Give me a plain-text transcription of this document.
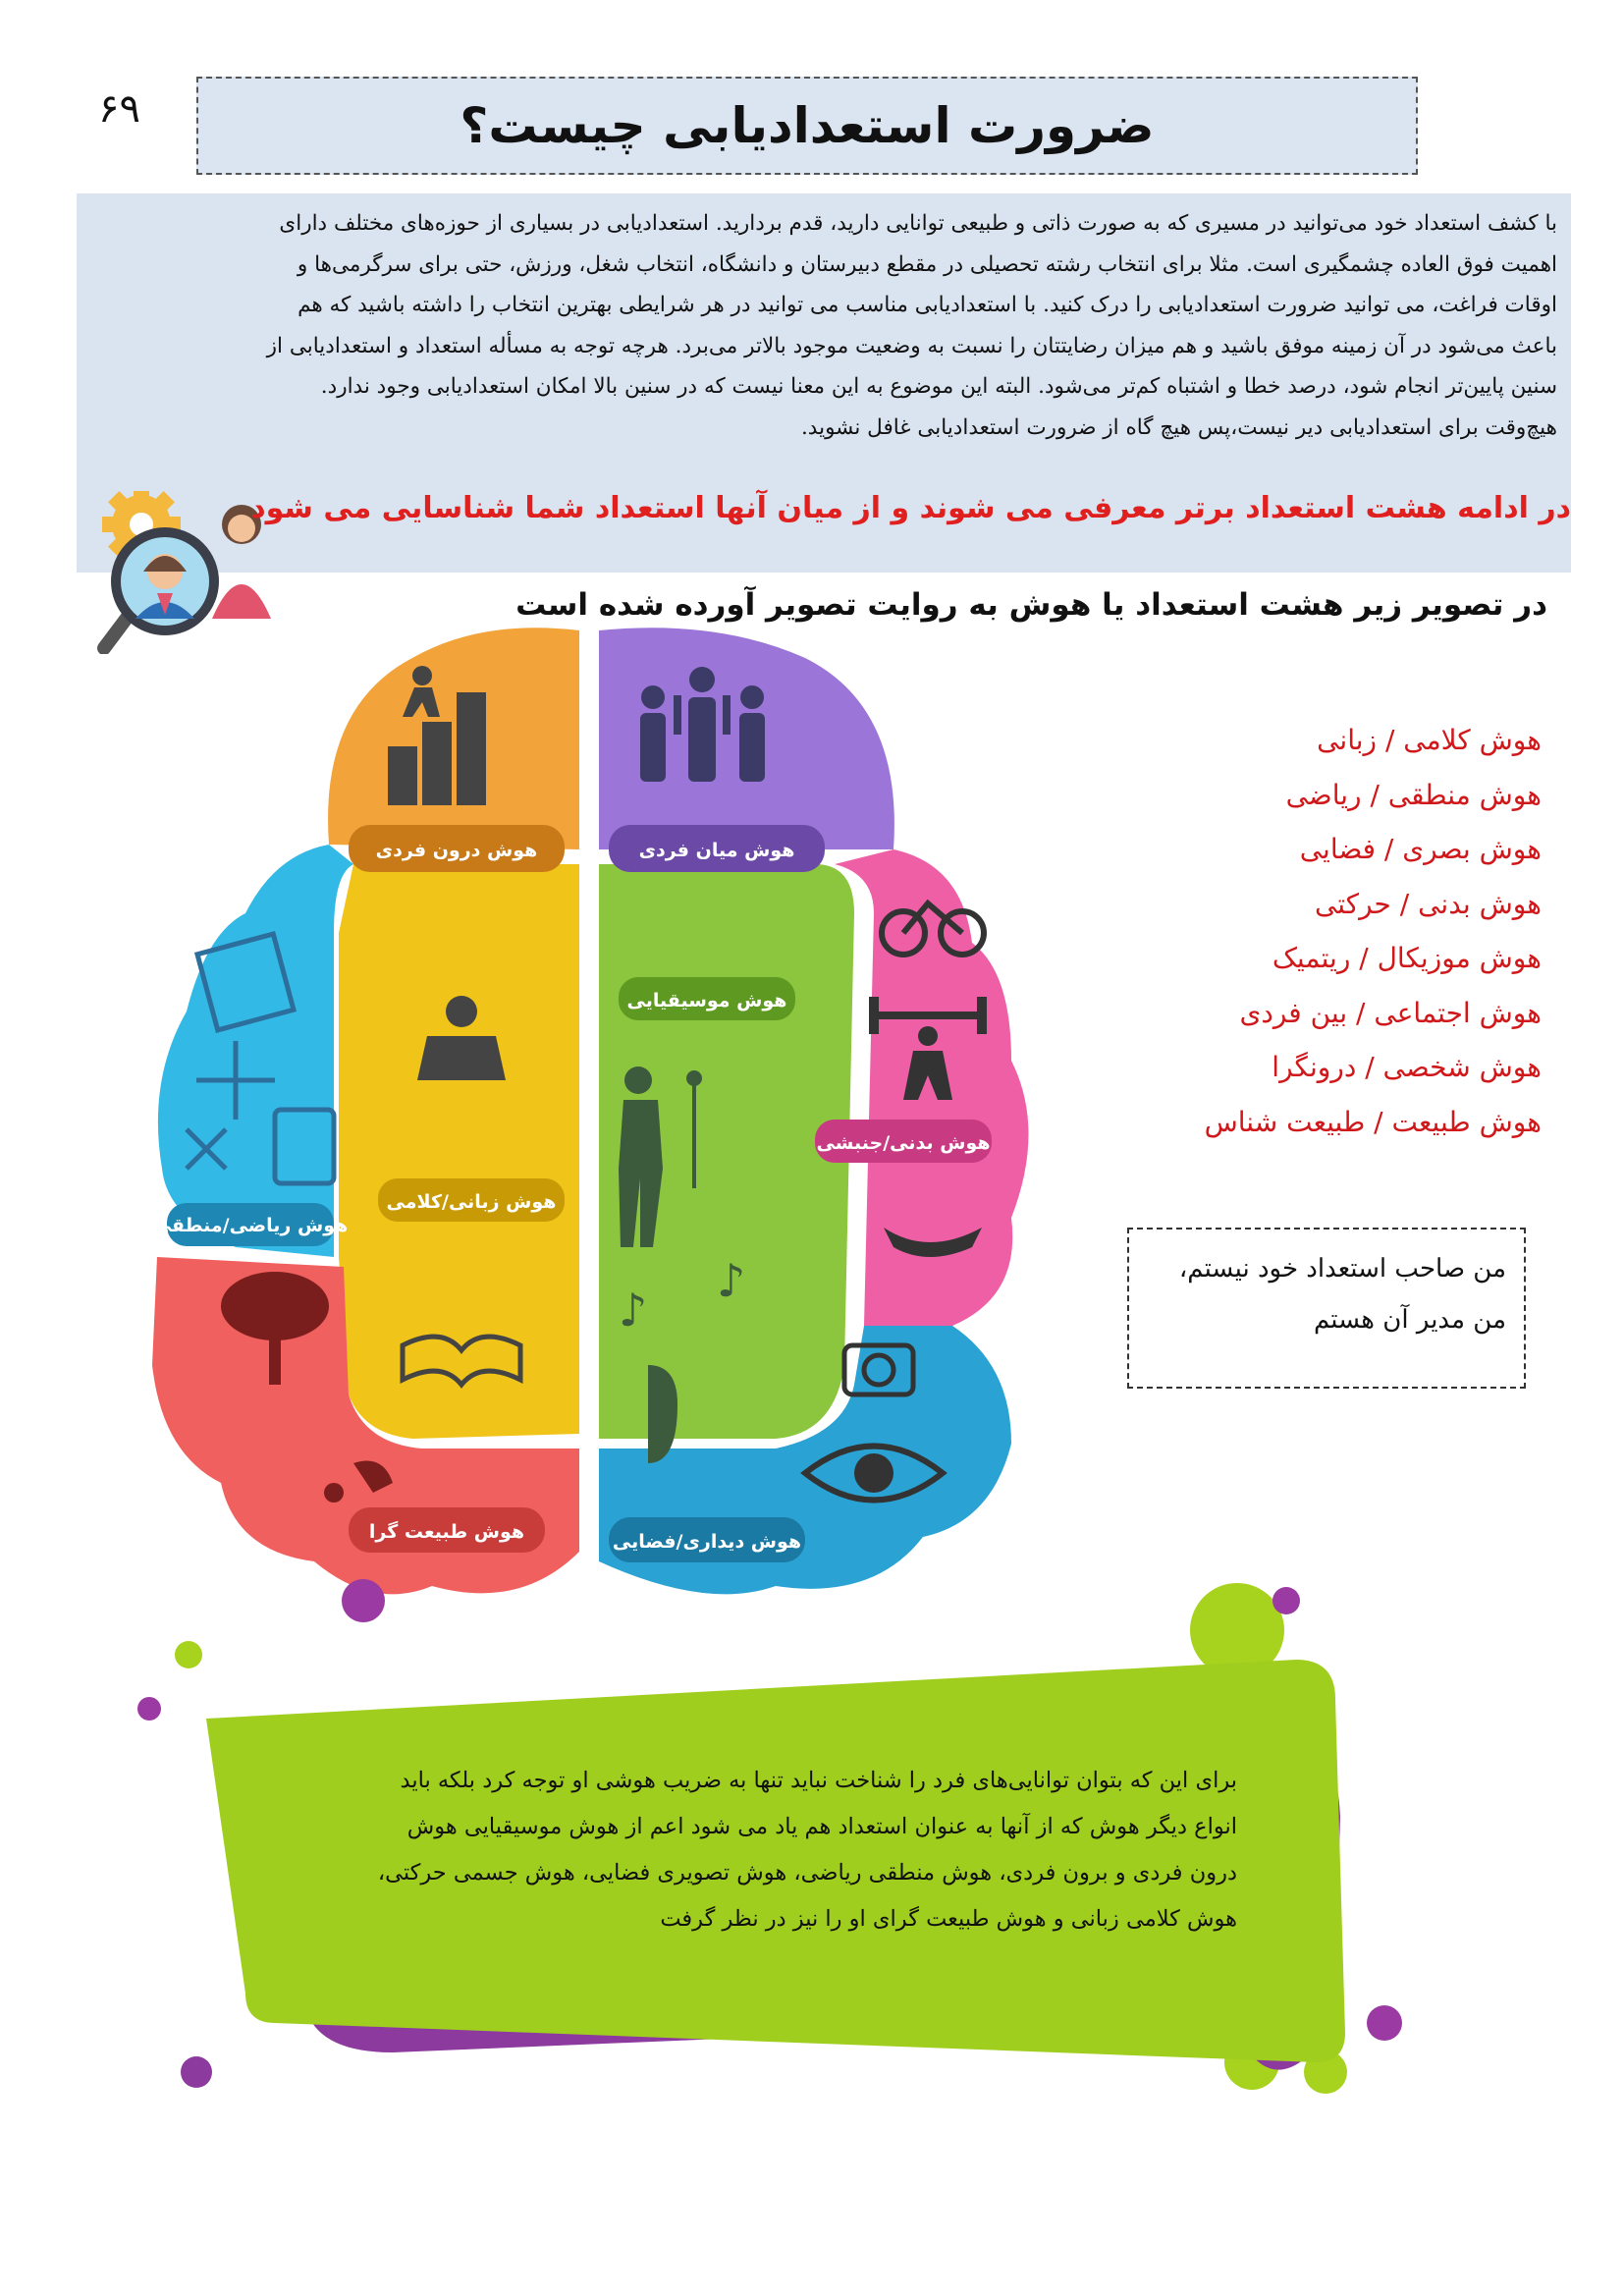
۶۹	ضرورت استعدادیابی چیست؟

با کشف استعداد خود می‌توانید در مسیری که به صورت ذاتی و طبیعی توانایی دارید، قدم بردارید. استعدادیابی در بسیاری از حوزه‌های مختلف دارای

اهمیت فوق العاده چشمگیری است. مثلا برای انتخاب رشته تحصیلی در مقطع دبیرستان و دانشگاه، انتخاب شغل، ورزش، حتی برای سرگرمی‌ها و

اوقات فراغت، می توانید ضرورت استعدادیابی را درک کنید. با استعدادیابی مناسب می توانید در هر شرایطی بهترین انتخاب را داشته باشید که هم

باعث می‌شود در آن زمینه موفق باشید و هم میزان رضایتتان را نسبت به وضعیت موجود بالاتر می‌برد. هرچه توجه به مسأله استعداد و استعدادیابی از

سنین پایین‌تر انجام شود، درصد خطا و اشتباه کم‌تر می‌شود. البته این موضوع به این معنا نیست که در سنین بالا امکان استعدادیابی وجود ندارد.

هیچ‌وقت برای استعدادیابی دیر نیست،پس هیچ گاه از ضرورت استعدادیابی غافل نشوید.

در ادامه هشت استعداد برتر معرفی می شوند و از میان آنها استعداد شما شناسایی می شود
در تصویر زیر هشت استعداد یا هوش به روایت تصویر آورده شده است
♪
♪
هوش درون فردی	هوش میان فردی
هوش موسیقیایی
هوش زبانی/کلامی
هوش ریاضی/منطقی
هوش بدنی/جنبشی
هوش طبیعت گرا	هوش دیداری/فضایی
هوش کلامی / زبانی
هوش منطقی / ریاضی
هوش بصری / فضایی
هوش بدنی / حرکتی
هوش موزیکال / ریتمیک
هوش اجتماعی / بین فردی
هوش شخصی / درونگرا
هوش طبیعت / طبیعت شناس
من صاحب استعداد خود نیستم،
من مدیر آن هستم

برای این که بتوان توانایی‌های فرد را شناخت نباید تنها به ضریب هوشی او توجه کرد بلکه باید

انواع دیگر هوش که از آنها به عنوان استعداد هم یاد می شود اعم از هوش موسیقیایی هوش

درون فردی و برون فردی، هوش منطقی ریاضی، هوش تصویری فضایی، هوش جسمی حرکتی،

هوش کلامی زبانی و هوش طبیعت گرای او را نیز در نظر گرفت
